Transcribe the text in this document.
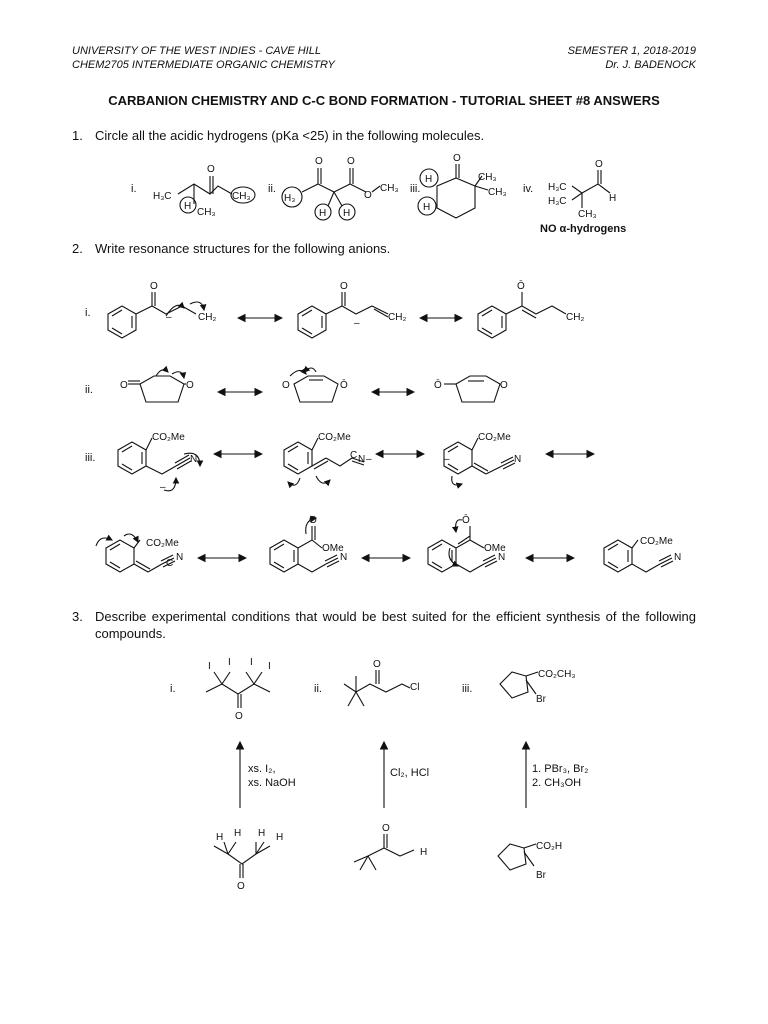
UNIVERSITY OF THE WEST INDIES - CAVE HILL
CHEM2705 INTERMEDIATE ORGANIC CHEMISTRY
SEMESTER 1, 2018-2019
Dr. J. BADENOCK
CARBANION CHEMISTRY AND C-C BOND FORMATION - TUTORIAL SHEET #8 ANSWERS
1. Circle all the acidic hydrogens (pKa <25) in the following molecules.
i.	ii.	iii.	iv.
NO α-hydrogens
2. Write resonance structures for the following anions.
i.
ii.
iii.
3. Describe experimental conditions that would be best suited for the efficient synthesis of the following compounds.
i.	ii.	iii.
xs. I₂,
xs. NaOH
Cl₂, HCl	1. PBr₃, Br₂
2. CH₃OH
H₃C
O
CH₃
H
CH₃	H₃
O O
O
CH₃
H H
O
CH₃
CH₃
H
H
H₃C
H₃C
CH₃
O
H
O
–	CH₂
O
–
CH₂
Ō
CH₂
O	O	O	Ō	Ō	O
CO₂Me
N
–
CO₂Me
C N –	–
CO₂Me
N
CO₂Me
N
C
O
OMe
N
Ō
OMe
N
CO₂Me
N
O
I I I I	O
Cl
CO₂CH₃
Br
H H H H
O
O
H
CO₂H
Br
